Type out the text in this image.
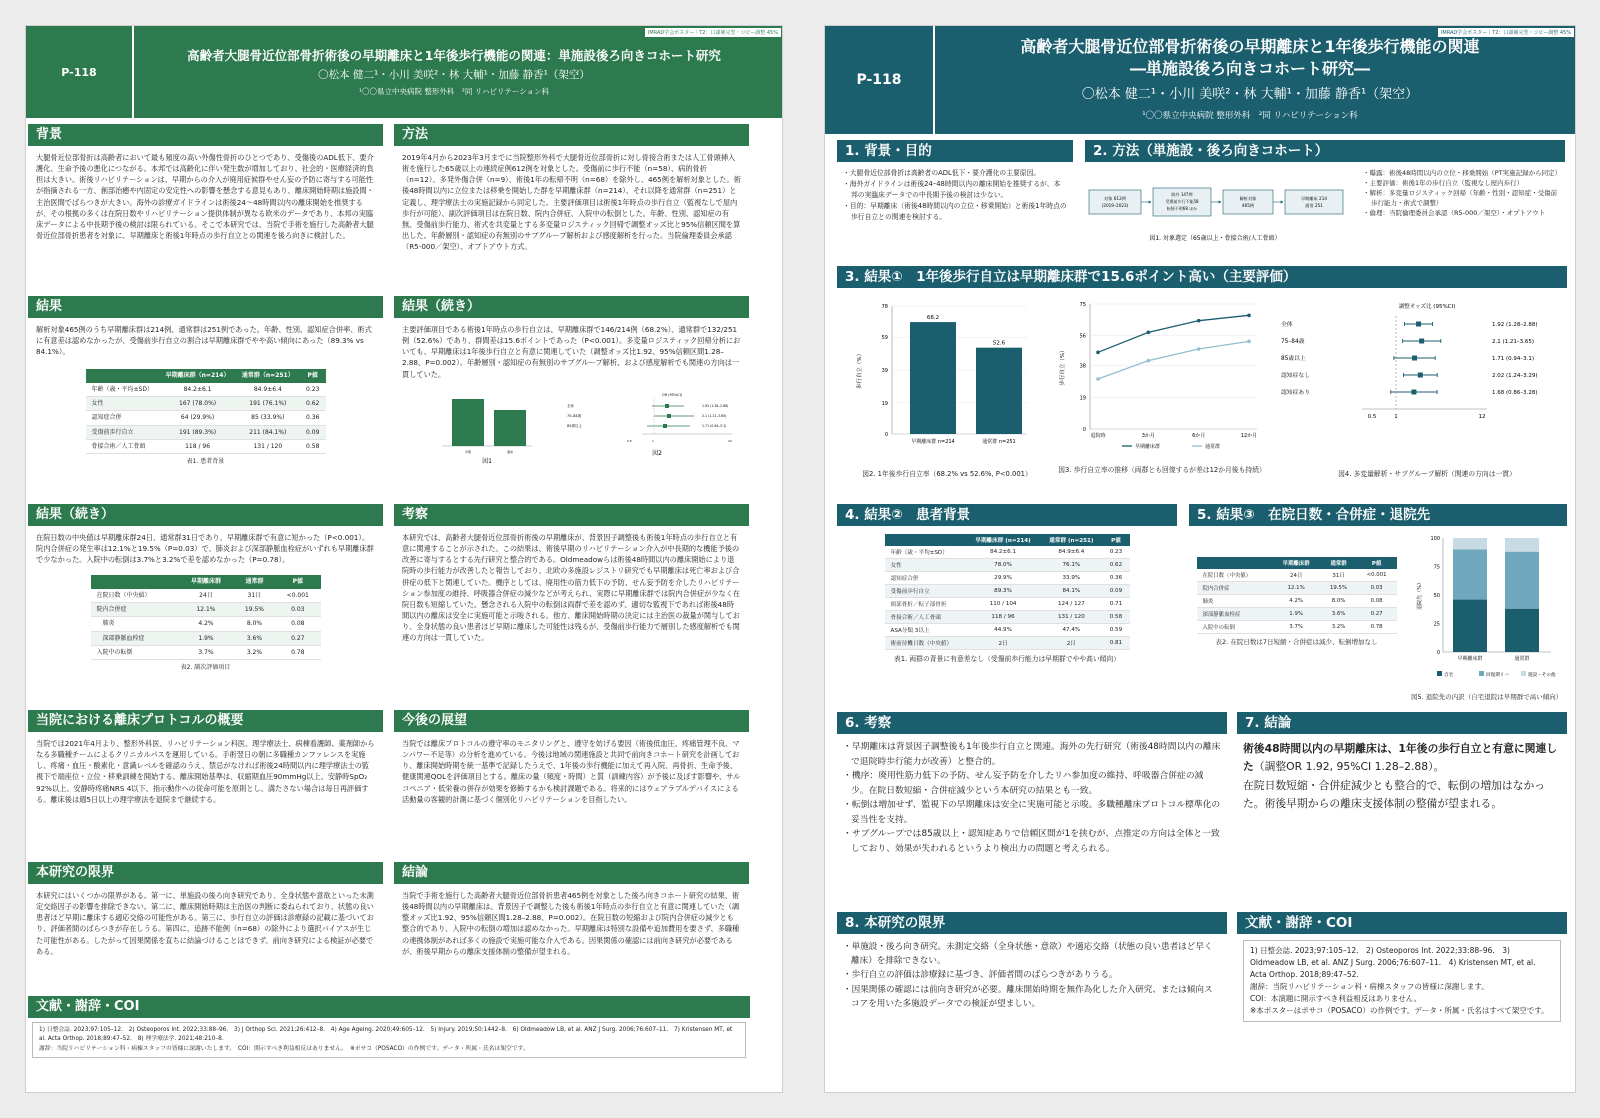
P-118
高齢者大腿骨近位部骨折術後の早期離床と1年後歩行機能の関連：単施設後ろ向きコホート研究
〇松本 健二¹・小川 美咲²・林 大輔¹・加藤 静香¹（架空）
¹〇〇県立中央病院 整形外科　²同 リハビリテーション科
IMRAD学会ポスター｜T2：口頭補完型・コピー調整 45%
背景

大腿骨近位部骨折は高齢者において最も頻度の高い外傷性骨折のひとつであり、受傷後のADL低下、要介護化、生命予後の悪化につながる。本邦では高齢化に伴い発生数が増加しており、社会的・医療経済的負担は大きい。術後リハビリテーションは、早期からの介入が廃用症候群やせん妄の予防に寄与する可能性が指摘される一方、創部治癒や内固定の安定性への影響を懸念する意見もあり、離床開始時期は施設間・主治医間でばらつきが大きい。海外の診療ガイドラインは術後24〜48時間以内の離床開始を推奨するが、その根拠の多くは在院日数やリハビリテーション提供体制が異なる欧米のデータであり、本邦の実臨床データによる中長期予後の検討は限られている。そこで本研究では、当院で手術を施行した高齢者大腿骨近位部骨折患者を対象に、早期離床と術後1年時点の歩行自立との関連を後ろ向きに検討した。

方法

2019年4月から2023年3月までに当院整形外科で大腿骨近位部骨折に対し骨接合術または人工骨頭挿入術を施行した65歳以上の連続症例612例を対象とした。受傷前に歩行不能（n=58）、病的骨折（n=12）、多発外傷合併（n=9）、術後1年の転帰不明（n=68）を除外し、465例を解析対象とした。術後48時間以内に立位または移乗を開始した群を早期離床群（n=214）、それ以降を通常群（n=251）と定義し、理学療法士の実施記録から同定した。主要評価項目は術後1年時点の歩行自立（監視なしで屋内歩行が可能）、副次評価項目は在院日数、院内合併症、入院中の転倒とした。年齢、性別、認知症の有無、受傷前歩行能力、術式を共変量とする多変量ロジスティック回帰で調整オッズ比と95%信頼区間を算出した。年齢層別・認知症の有無別のサブグループ解析および感度解析を行った。当院倫理委員会承認（R5-000／架空）、オプトアウト方式。

結果

解析対象465例のうち早期離床群は214例、通常群は251例であった。年齢、性別、認知症合併率、術式に有意差は認めなかったが、受傷前歩行自立の割合は早期離床群でやや高い傾向にあった（89.3% vs 84.1%）。

	早期離床群（n=214）	通常群（n=251）	P値
年齢（歳・平均±SD）	84.2±6.1	84.9±6.4	0.23
女性	167 (78.0%)	191 (76.1%)	0.62
認知症合併	64 (29.9%)	85 (33.9%)	0.36
受傷前歩行自立	191 (89.3%)	211 (84.1%)	0.09
骨接合術／人工骨頭	118 / 96	131 / 120	0.58
表1. 患者背景
結果（続き）

主要評価項目である術後1年時点の歩行自立は、早期離床群で146/214例（68.2%）、通常群で132/251例（52.6%）であり、群間差は15.6ポイントであった（P<0.001）。多変量ロジスティック回帰分析においても、早期離床は1年後歩行自立と有意に関連していた（調整オッズ比1.92、95%信頼区間1.28–2.88、P=0.002）。年齢層別・認知症の有無別のサブグループ解析、および感度解析でも関連の方向は一貫していた。

早期	通常
図1
OR (95%CI)
全体
75–84歳
85歳以上
1.92 (1.28–2.88)
2.1 (1.21–3.65)
1.71 (0.94–3.1)
0.5	1	12
図2
結果（続き）

在院日数の中央値は早期離床群24日、通常群31日であり、早期離床群で有意に短かった（P<0.001）。院内合併症の発生率は12.1%と19.5%（P=0.03）で、肺炎および深部静脈血栓症がいずれも早期離床群で少なかった。入院中の転倒は3.7%と3.2%で差を認めなかった（P=0.78）。

	早期離床群	通常群	P値
在院日数（中央値）	24日	31日	<0.001
院内合併症	12.1%	19.5%	0.03
　肺炎	4.2%	8.0%	0.08
　深部静脈血栓症	1.9%	3.6%	0.27
入院中の転倒	3.7%	3.2%	0.78
表2. 副次評価項目
考察

本研究では、高齢者大腿骨近位部骨折術後の早期離床が、背景因子調整後も術後1年時点の歩行自立と有意に関連することが示された。この結果は、術後早期のリハビリテーション介入が中長期的な機能予後の改善に寄与するとする先行研究と整合的である。Oldmeadowらは術後48時間以内の離床開始により退院時の歩行能力が改善したと報告しており、北欧の多施設レジストリ研究でも早期離床は死亡率および合併症の低下と関連していた。機序としては、廃用性の筋力低下の予防、せん妄予防を介したリハビリテーション参加度の維持、呼吸器合併症の減少などが考えられ、実際に早期離床群では院内合併症が少なく在院日数も短縮していた。懸念される入院中の転倒は両群で差を認めず、適切な監視下であれば術後48時間以内の離床は安全に実施可能と示唆される。他方、離床開始時期の決定には主治医の裁量が関与しており、全身状態の良い患者ほど早期に離床した可能性は残るが、受傷前歩行能力で層別した感度解析でも関連の方向は一貫していた。

当院における離床プロトコルの概要

当院では2021年4月より、整形外科医、リハビリテーション科医、理学療法士、病棟看護師、薬剤師からなる多職種チームによるクリニカルパスを運用している。手術翌日の朝に多職種カンファレンスを実施し、疼痛・血圧・酸素化・意識レベルを確認のうえ、禁忌がなければ術後24時間以内に理学療法士の監視下で端座位・立位・移乗訓練を開始する。離床開始基準は、収縮期血圧90mmHg以上、安静時SpO₂ 92%以上、安静時疼痛NRS 4以下、指示動作への従命可能を原則とし、満たさない場合は毎日再評価する。離床後は週5日以上の理学療法を退院まで継続する。

今後の展望

当院では離床プロトコルの遵守率のモニタリングと、遵守を妨げる要因（術後低血圧、疼痛管理不良、マンパワー不足等）の分析を進めている。今後は地域の関連施設と共同で前向きコホート研究を計画しており、離床開始時期を統一基準で記録したうえで、1年後の歩行機能に加えて再入院、再骨折、生命予後、健康関連QOLを評価項目とする。離床の量（頻度・時間）と質（訓練内容）が予後に及ぼす影響や、サルコペニア・低栄養の併存が効果を修飾するかも検討課題である。将来的にはウェアラブルデバイスによる活動量の客観的計測に基づく個別化リハビリテーションを目指したい。

本研究の限界

本研究にはいくつかの限界がある。第一に、単施設の後ろ向き研究であり、全身状態や意欲といった未測定交絡因子の影響を排除できない。第二に、離床開始時期は主治医の判断に委ねられており、状態の良い患者ほど早期に離床する適応交絡の可能性がある。第三に、歩行自立の評価は診療録の記載に基づいており、評価者間のばらつきが存在しうる。第四に、追跡不能例（n=68）の除外により選択バイアスが生じた可能性がある。したがって因果関係を直ちに結論づけることはできず、前向き研究による検証が必要である。

結論

当院で手術を施行した高齢者大腿骨近位部骨折患者465例を対象とした後ろ向きコホート研究の結果、術後48時間以内の早期離床は、背景因子で調整した後も術後1年時点の歩行自立と有意に関連していた（調整オッズ比1.92、95%信頼区間1.28–2.88、P=0.002）。在院日数の短縮および院内合併症の減少とも整合的であり、入院中の転倒の増加は認めなかった。早期離床は特別な設備や追加費用を要さず、多職種の連携体制があれば多くの施設で実施可能な介入である。因果関係の確認には前向き研究が必要であるが、術後早期からの離床支援体制の整備が望まれる。

文献・謝辞・COI
1) 日整会誌. 2023;97:105–12.　2) Osteoporos Int. 2022;33:88–96.　3) J Orthop Sci. 2021;26:412–8.　4) Age Ageing. 2020;49:605–12.　5) Injury. 2019;50:1442–8.　6) Oldmeadow LB, et al. ANZ J Surg. 2006;76:607–11.　7) Kristensen MT, et al. Acta Orthop. 2018;89:47–52.　8) 理学療法学. 2021;48:210–8.
謝辞：当院リハビリテーション科・病棟スタッフの皆様に深謝いたします。　COI：開示すべき利益相反はありません。　※ポサコ（POSACO）の作例です。データ・所属・氏名は架空です。
P-118
高齢者大腿骨近位部骨折術後の早期離床と1年後歩行機能の関連
―単施設後ろ向きコホート研究―
〇松本 健二¹・小川 美咲²・林 大輔¹・加藤 静香¹（架空）
¹〇〇県立中央病院 整形外科　²同 リハビリテーション科
IMRAD学会ポスター｜T2：口頭補完型・コピー調整 45%
1. 背景・目的
・ 大腿骨近位部骨折は高齢者のADL低下・要介護化の主要原因。
・ 海外ガイドラインは術後24–48時間以内の離床開始を推奨するが、本邦の実臨床データでの中長期予後の検討は少ない。
・ 目的：早期離床（術後48時間以内の立位・移乗開始）と術後1年時点の歩行自立との関連を検討する。
2. 方法（単施設・後ろ向きコホート）
対象 612例
(2019–2023)
除外 147例
受傷前歩行不能58
転帰不明68 ほか
解析対象
465例
早期離床 214
通常 251
図1. 対象選定（65歳以上・骨接合術/人工骨頭）
・ 曝露：術後48時間以内の立位・移乗開始（PT実施記録から同定）
・ 主要評価：術後1年の歩行自立（監視なし屋内歩行）
・ 解析：多変量ロジスティック回帰（年齢・性別・認知症・受傷前歩行能力・術式で調整）
・ 倫理：当院倫理委員会承認（R5-000／架空）・オプトアウト
3. 結果①　1年後歩行自立は早期離床群で15.6ポイント高い（主要評価）
0
19
39
59
78
歩行自立（%）
68.2
早期離床群 n=214
52.6
通常群 n=251
0
19
38
56
75
退院時	3か月	6か月	12か月
歩行自立（%）
早期離床群	通常群
調整オッズ比 (95%CI)
全体	1.92 (1.28–2.88)
75–84歳	2.1 (1.21–3.65)
85歳以上	1.71 (0.94–3.1)
認知症なし	2.02 (1.24–3.29)
認知症あり	1.68 (0.86–3.28)
0.5	1	12
図2. 1年後歩行自立率（68.2% vs 52.6%, P<0.001）	図3. 歩行自立率の推移（両群とも回復するが差は12か月後も持続）	図4. 多変量解析・サブグループ解析（関連の方向は一貫）
4. 結果②　患者背景
	早期離床群 (n=214)	通常群 (n=251)	P値
年齢（歳・平均±SD）	84.2±6.1	84.9±6.4	0.23
女性	78.0%	76.1%	0.62
認知症合併	29.9%	33.9%	0.36
受傷前歩行自立	89.3%	84.1%	0.09
頸部骨折／転子部骨折	110 / 104	124 / 127	0.71
骨接合術／人工骨頭	118 / 96	131 / 120	0.58
ASA分類 3以上	44.9%	47.4%	0.59
術前待機日数（中央値）	2日	2日	0.81
表1. 両群の背景に有意差なし（受傷前歩行能力は早期群でやや高い傾向）
5. 結果③　在院日数・合併症・退院先
	早期離床群	通常群	P値
在院日数（中央値）	24日	31日	<0.001
院内合併症	12.1%	19.5%	0.03
肺炎	4.2%	8.0%	0.08
深部静脈血栓症	1.9%	3.6%	0.27
入院中の転倒	3.7%	3.2%	0.78
表2. 在院日数は7日短縮・合併症は減少、転倒増加なし
0
25
50
75
100
退院先（%）
早期離床群	通常群
自宅	回復期リハ	施設・その他
図5. 退院先の内訳（自宅退院は早期群で高い傾向）
6. 考察
・ 早期離床は背景因子調整後も1年後歩行自立と関連。海外の先行研究（術後48時間以内の離床で退院時歩行能力が改善）と整合的。
・ 機序：廃用性筋力低下の予防、せん妄予防を介したリハ参加度の維持、呼吸器合併症の減少。在院日数短縮・合併症減少という本研究の結果とも一致。
・ 転倒は増加せず、監視下の早期離床は安全に実施可能と示唆。多職種離床プロトコル標準化の妥当性を支持。
・ サブグループでは85歳以上・認知症ありで信頼区間が1を挟むが、点推定の方向は全体と一致しており、効果が失われるというより検出力の問題と考えられる。
7. 結論
術後48時間以内の早期離床は、1年後の歩行自立と有意に関連した（調整OR 1.92, 95%CI 1.28–2.88）。
在院日数短縮・合併症減少とも整合的で、転倒の増加はなかった。術後早期からの離床支援体制の整備が望まれる。
8. 本研究の限界
・ 単施設・後ろ向き研究。未測定交絡（全身状態・意欲）や適応交絡（状態の良い患者ほど早く離床）を排除できない。
・ 歩行自立の評価は診療録に基づき、評価者間のばらつきがありうる。
・ 因果関係の確認には前向き研究が必要。離床開始時期を無作為化した介入研究、または傾向スコアを用いた多施設データでの検証が望ましい。
文献・謝辞・COI
1) 日整会誌. 2023;97:105–12.　2) Osteoporos Int. 2022;33:88–96.　3) Oldmeadow LB, et al. ANZ J Surg. 2006;76:607–11.　4) Kristensen MT, et al. Acta Orthop. 2018;89:47–52.
謝辞：当院リハビリテーション科・病棟スタッフの皆様に深謝します。
COI：本演題に開示すべき利益相反はありません。
※本ポスターはポサコ（POSACO）の作例です。データ・所属・氏名はすべて架空です。
